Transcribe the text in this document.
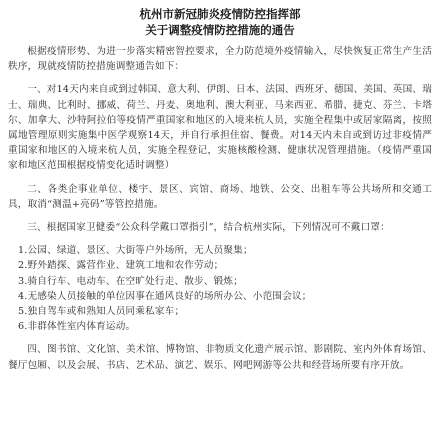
杭州市新冠肺炎疫情防控指挥部
关于调整疫情防控措施的通告

根据疫情形势、为进一步落实精密智控要求，全力防范境外疫情输入，尽快恢复正常生产生活秩序，现就疫情防控措施调整通告如下：

一、对14天内来自或到过韩国、意大利、伊朗、日本、法国、西班牙、德国、美国、英国、瑞士、瑞典、比利时、挪威、荷兰、丹麦、奥地利、澳大利亚、马来西亚、希腊、捷克、芬兰、卡塔尔、加拿大、沙特阿拉伯等疫情严重国家和地区的入境来杭人员，实施全程集中或居家隔离，按照属地管理原则实施集中医学观察14天，并自行承担住宿、餐费。对14天内未自或到访过非疫情严重国家和地区的入境来杭人员，实施全程登记，实施核酸检测、健康状况管理措施。（疫情严重国家和地区范围根据疫情变化适时调整）

二、各类企事业单位、楼宇、景区、宾馆、商场、地铁、公交、出租车等公共场所和交通工具，取消“测温+亮码”等管控措施。

三、根据国家卫健委“公众科学戴口罩指引”，结合杭州实际，下列情况可不戴口罩：

1.公园、绿道、景区、大街等户外场所，无人员聚集；
2.野外踏探、露营作业、建筑工地和农作劳动；
3.骑自行车、电动车、在空旷处行走、散步、锻炼；
4.无感染人员接触的单位因事在通风良好的场所办公、小范围会议；
5.独自驾车或和熟知人员同乘私家车；
6.非群体性室内体育运动。

四、图书馆、文化馆、美术馆、博物馆、非物质文化遗产展示馆、影剧院、室内外体育场馆、餐厅包厢、以及会展、书店、艺术品、演艺、娱乐、网吧网游等公共和经营场所要有序开放。
